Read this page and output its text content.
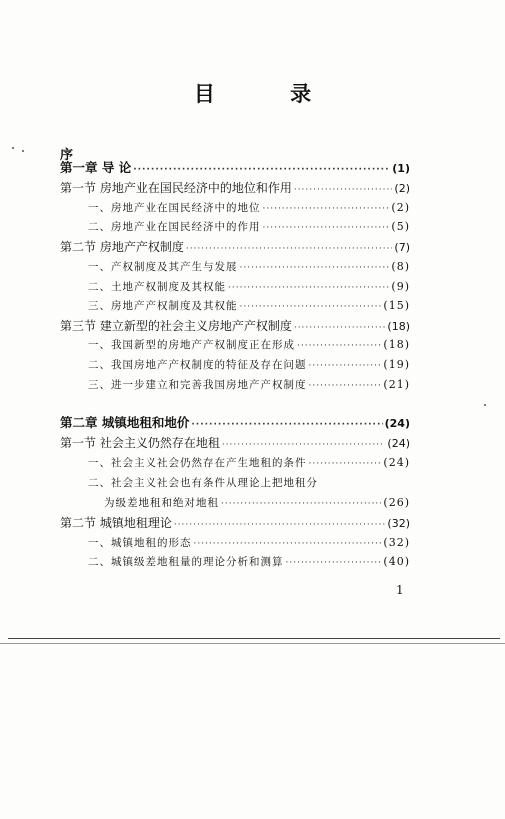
目 录
序
第一章 导 论 ·····	(1)
第一节 房地产业在国民经济中的地位和作用 ·····	(2)
一、房地产业在国民经济中的地位 ·····	(2)
二、房地产业在国民经济中的作用 ·····	(5)
第二节 房地产产权制度 ·····	(7)
一、产权制度及其产生与发展 ·····	(8)
二、土地产权制度及其权能 ·····	(9)
三、房地产产权制度及其权能 ·····	(15)
第三节 建立新型的社会主义房地产产权制度 ·····	(18)
一、我国新型的房地产产权制度正在形成 ·····	(18)
二、我国房地产产权制度的特征及存在问题 ·····	(19)
三、进一步建立和完善我国房地产产权制度 ·····	(21)
第二章 城镇地租和地价 ·····	(24)
第一节 社会主义仍然存在地租 ·····	(24)
一、社会主义社会仍然存在产生地租的条件 ·····	(24)
二、社会主义社会也有条件从理论上把地租分
为级差地租和绝对地租 ·····	(26)
第二节 城镇地租理论 ·····	(32)
一、城镇地租的形态 ·····	(32)
二、城镇级差地租量的理论分析和测算 ·····	(40)
1
